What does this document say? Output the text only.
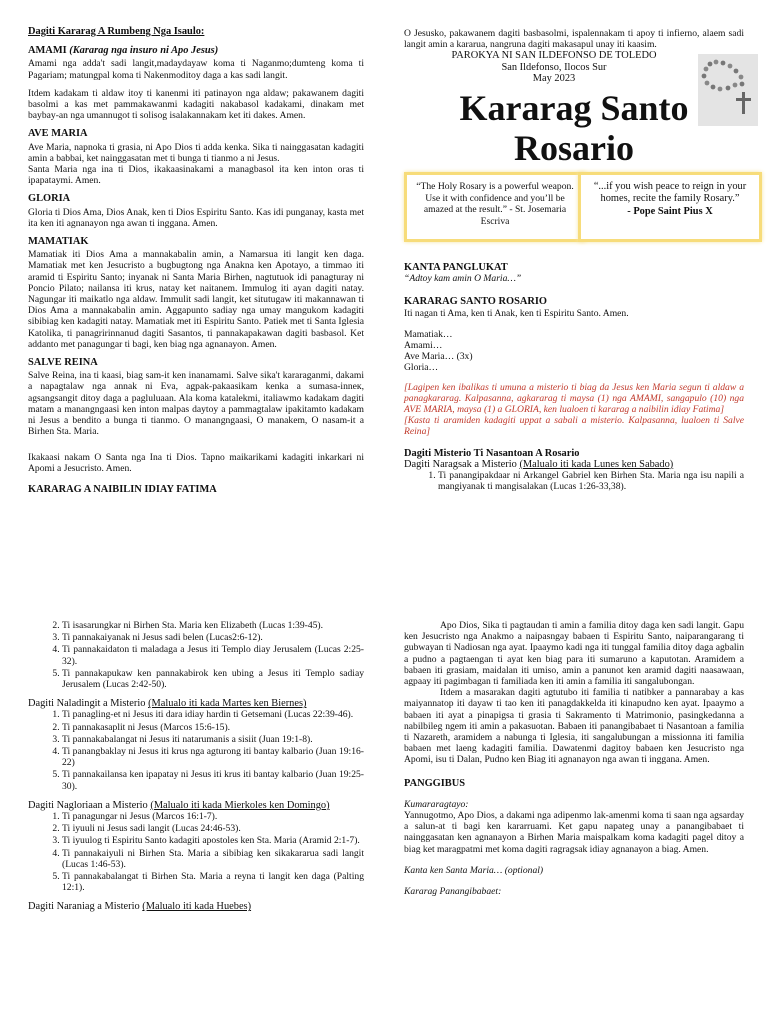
Dagiti Kararag A Rumbeng Nga Isaulo:
AMAMI (Kararag nga insuro ni Apo Jesus)

Amami nga adda't sadi langit,madaydayaw koma ti Naganmo;dumteng koma ti Pagariam; matungpal koma ti Nakenmoditoy daga a kas sadi langit.

Itdem kadakam ti aldaw itoy ti kanenmi iti patinayon nga aldaw; pakawanem dagiti basolmi a kas met pammakawanmi kadagiti nakabasol kadakami, dinakam met baybay-an nga umannugot ti solisog isalakannakam ket iti dakes. Amen.

AVE MARIA

Ave Maria, napnoka ti grasia, ni Apo Dios ti adda kenka. Sika ti nainggasatan kadagiti amin a babbai, ket nainggasatan met ti bunga ti tianmo a ni Jesus.

Santa Maria nga ina ti Dios, ikakaasinakami a managbasol ita ken inton oras ti ipapataymi. Amen.

GLORIA

Gloria ti Dios Ama, Dios Anak, ken ti Dios Espiritu Santo. Kas idi punganay, kasta met ita ken iti agnanayon nga awan ti inggana. Amen.

MAMATIAK

Mamatiak iti Dios Ama a mannakabalin amin, a Namarsua iti langit ken daga. Mamatiak met ken Jesucristo a bugbugtong nga Anakna ken Apotayo, a timmao iti aramid ti Espiritu Santo; inyanak ni Santa Maria Birhen, nagtutuok idi panagturay ni Poncio Pilato; nailansa iti krus, natay ket naitanem. Immulog iti ayan dagiti natay. Nagungar iti maikatlo nga aldaw. Immulit sadi langit, ket situtugaw iti makannawan ti Dios Ama a mannakabalin amin. Aggapunto sadiay nga umay mangukom kadagiti sibibiag ken kadagiti natay. Mamatiak met iti Espiritu Santo. Patiek met ti Santa Iglesia Katolika, ti panagririnnanud dagiti Sasantos, ti pannakapakawan dagiti basbasol. Ket addanto met panagungar ti bagi, ken biag nga agnanayon. Amen.

SALVE REINA

Salve Reina, ina ti kaasi, biag sam-it ken inanamami. Salve sika't kararaganmi, dakami a napagtalaw nga annak ni Eva, agpak-pakaasikam kenka a sumasa-inneк, agsangsangit ditoy daga a pagluluaan. Ala koma katalekmi, italiawmo kadakam dagiti matam a manangngaasi ken inton malpas daytoy a pammagtalaw ipakitamto kadakam ni Jesus a bendito a bunga ti tianmo. O manangngaasi, O manakem, O nasam-it a Birhen Sta. Maria.

Ikakaasi nakam O Santa nga Ina ti Dios. Tapno maikarikami kadagiti inkarkari ni Apomi a Jesucristo. Amen.

KARARAG A NAIBILIN IDIAY FATIMA

O Jesusko, pakawanem dagiti basbasolmi, ispalennakam ti apoy ti infierno, alaem sadi langit amin a kararua, nangruna dagiti makasapul unay iti kaasim.

PAROKYA NI SAN ILDEFONSO DE TOLEDO
San Ildefonso, Ilocos Sur
May 2023
Kararag Santo
Rosario
“The Holy Rosary is a powerful weapon. Use it with confidence and you’ll be amazed at the result.” - St. Josemaria Escriva
“...if you wish peace to reign in your homes, recite the family Rosary.”
- Pope Saint Pius X
KANTA PANGLUKAT
“Adtoy kam amin O Maria…”
KARARAG SANTO ROSARIO
Iti nagan ti Ama, ken ti Anak, ken ti Espiritu Santo. Amen.
Mamatiak…
Amami…
Ave Maria… (3x)
Gloria…

[Lagipen ken ibalikas ti umuna a misterio ti biag da Jesus ken Maria segun ti aldaw a panagkararag. Kalpasanna, agkararag ti maysa (1) nga AMAMI, sangapulo (10) nga AVE MARIA, maysa (1) a GLORIA, ken lualoen ti kararag a naibilin idiay Fatima]

[Kasta ti aramiden kadagiti uppat a sabali a misterio. Kalpasanna, lualoen ti Salve Reina]

Dagiti Misterio Ti Nasantoan A Rosario
Dagiti Naragsak a Misterio (Malualo iti kada Lunes ken Sabado)
1. Ti panangipakdaar ni Arkangel Gabriel ken Birhen Sta. Maria nga isu napili a mangiyanak ti mangisalakan (Lucas 1:26-33,38).
2. Ti isasarungkar ni Birhen Sta. Maria ken Elizabeth (Lucas 1:39-45).
3. Ti pannakaiyanak ni Jesus sadi belen (Lucas2:6-12).
4. Ti pannakaidaton ti maladaga a Jesus iti Templo diay Jerusalem (Lucas 2:25-32).
5. Ti pannakapukaw ken pannakabirok ken ubing a Jesus iti Templo sadiay Jerusalem (Lucas 2:42-50).
Dagiti Naladingit a Misterio (Malualo iti kada Martes ken Biernes)
1. Ti panagling-et ni Jesus iti dara idiay hardin ti Getsemani (Lucas 22:39-46).
2. Ti pannakasaplit ni Jesus (Marcos 15:6-15).
3. Ti pannakabalangat ni Jesus iti natarumanis a sisiit (Juan 19:1-8).
4. Ti panangbaklay ni Jesus iti krus nga agturong iti bantay kalbario (Juan 19:16-22)
5. Ti pannakailansa ken ipapatay ni Jesus iti krus iti bantay kalbario (Juan 19:25-30).
Dagiti Nagloriaan a Misterio (Malualo iti kada Mierkoles ken Domingo)
1. Ti panagungar ni Jesus (Marcos 16:1-7).
2. Ti iyuuli ni Jesus sadi langit (Lucas 24:46-53).
3. Ti iyuulog ti Espiritu Santo kadagiti apostoles ken Sta. Maria (Aramid 2:1-7).
4. Ti pannakaiyuli ni Birhen Sta. Maria a sibibiag ken sikakararua sadi langit (Lucas 1:46-53).
5. Ti pannakabalangat ti Birhen Sta. Maria a reyna ti langit ken daga (Palting 12:1).
Dagiti Naraniag a Misterio (Malualo iti kada Huebes)

Apo Dios, Sika ti pagtaudan ti amin a familia ditoy daga ken sadi langit. Gapu ken Jesucristo nga Anakmo a naipasngay babaen ti Espiritu Santo, naiparangarang ti gubwayan ti Nadiosan nga ayat. Ipaaymo kadi nga iti tunggal familia ditoy daga agbalin a pudno a pagtaengan ti ayat ken biag para iti sumaruno a kaputotan. Aramidem a babaen iti grasiam, maidalan iti umiso, amin a panunot ken aramid dagiti naasawaan, agpaay iti pagimbagan ti familiada ken iti amin a familia iti sangalubongan.

Itdem a masarakan dagiti agtutubo iti familia ti natibker a pannarabay a kas maiyannatop iti dayaw ti tao ken iti panagdakkelda iti kinapudno ken ayat. Ipaaymo a babaen iti ayat a pinapigsa ti grasia ti Sakramento ti Matrimonio, pasingkedanna a nabilbileg ngem iti amin a pakasuotan. Babaen iti panangibabaet ti Nasantoan a familia ti Nazareth, aramidem a nabunga ti Iglesia, iti sangalubungan a missionna iti familia babaen met laeng kadagiti familia. Dawatenmi dagitoy babaen ken Jesucristo nga Apomi, isu ti Dalan, Pudno ken Biag iti agnanayon nga awan ti inggana. Amen.

PANGGIBUS
Kumararagtayo:

Yannugotmo, Apo Dios, a dakami nga adipenmo lak-amenmi koma ti saan nga agsarday a salun-at ti bagi ken kararruami. Ket gapu napateg unay a panangibabaet ti nainggasatan ken agnanayon a Birhen Maria maispalkam koma kadagiti pagel ditoy a biag ket maragpatmi met koma dagiti ragragsak idiay agnanayon a biag. Amen.

Kanta ken Santa Maria… (optional)
Kararag Panangibabaet:
